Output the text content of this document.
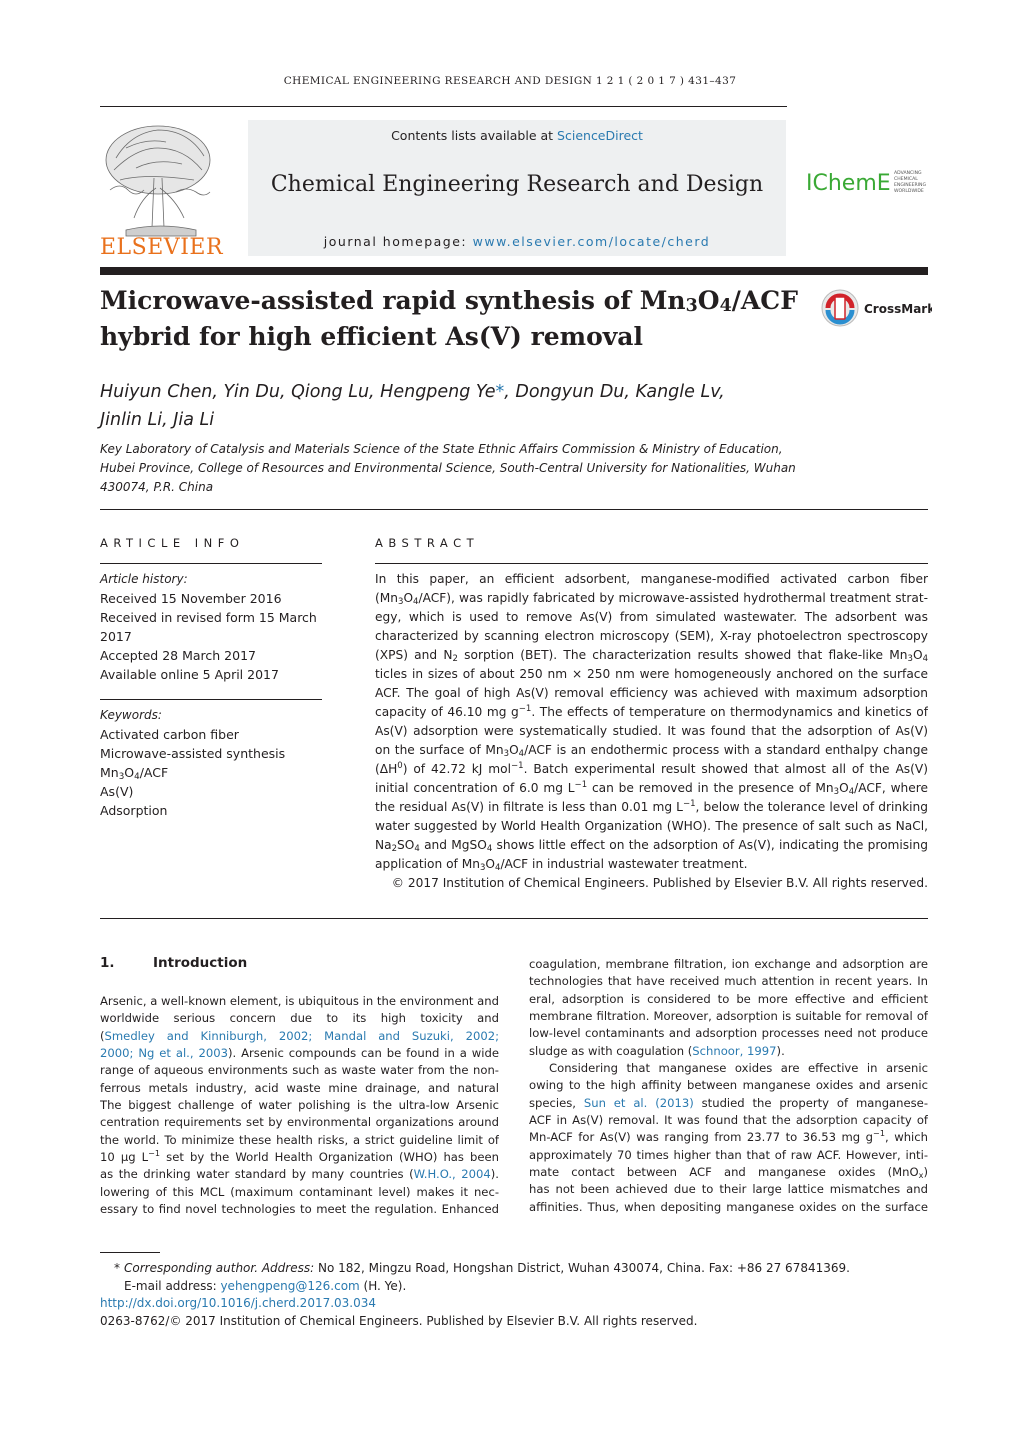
CHEMICAL ENGINEERING RESEARCH AND DESIGN 1 2 1 ( 2 0 1 7 ) 431–437
ELSEVIER
Contents lists available at ScienceDirect
Chemical Engineering Research and Design
journal homepage: www.elsevier.com/locate/cherd
IChemE ADVANCING
CHEMICAL
ENGINEERING
WORLDWIDE
Microwave-assisted rapid synthesis of $Mn_3O_4$/ACF
hybrid for high efficient As(V) removal
CrossMark
Huiyun Chen, Yin Du, Qiong Lu, Hengpeng Ye*, Dongyun Du, Kangle Lv,
Jinlin Li, Jia Li
Key Laboratory of Catalysis and Materials Science of the State Ethnic Affairs Commission & Ministry of Education,
Hubei Province, College of Resources and Environmental Science, South-Central University for Nationalities, Wuhan
430074, P.R. China
ARTICLE INFO	ABSTRACT
Article history:
Received 15 November 2016
Received in revised form 15 March
2017
Accepted 28 March 2017
Available online 5 April 2017
Keywords:
Activated carbon fiber
Microwave-assisted synthesis
$Mn_3O_4$/ACF
As(V)
Adsorption
In this paper, an efficient adsorbent, manganese-modified activated carbon fiber
$(Mn_3O_4/ACF)$, was rapidly fabricated by microwave-assisted hydrothermal treatment strat-
egy, which is used to remove As(V) from simulated wastewater. The adsorbent was
characterized by scanning electron microscopy (SEM), X-ray photoelectron spectroscopy
(XPS) and $N_2$ sorption (BET). The characterization results showed that flake-like $Mn_3O_4$
ticles in sizes of about 250 nm × 250 nm were homogeneously anchored on the surface
ACF. The goal of high As(V) removal efficiency was achieved with maximum adsorption
capacity of 46.10 mg $g^{-1}$. The effects of temperature on thermodynamics and kinetics of
As(V) adsorption were systematically studied. It was found that the adsorption of As(V)
on the surface of $Mn_3O_4$/ACF is an endothermic process with a standard enthalpy change
$(\Delta H^0)$ of 42.72 kJ mol$^{-1}$. Batch experimental result showed that almost all of the As(V)
initial concentration of 6.0 mg $L^{-1}$ can be removed in the presence of $Mn_3O_4$/ACF, where
the residual As(V) in filtrate is less than 0.01 mg $L^{-1}$, below the tolerance level of drinking
water suggested by World Health Organization (WHO). The presence of salt such as NaCl,
$Na_2SO_4$ and MgSO$_4$ shows little effect on the adsorption of As(V), indicating the promising
application of $Mn_3O_4$/ACF in industrial wastewater treatment.
© 2017 Institution of Chemical Engineers. Published by Elsevier B.V. All rights reserved.
1.	Introduction
Arsenic, a well-known element, is ubiquitous in the environment and
worldwide serious concern due to its high toxicity and
(Smedley and Kinniburgh, 2002; Mandal and Suzuki, 2002;
2000; Ng et al., 2003). Arsenic compounds can be found in a wide
range of aqueous environments such as waste water from the non-
ferrous metals industry, acid waste mine drainage, and natural
The biggest challenge of water polishing is the ultra-low Arsenic
centration requirements set by environmental organizations around
the world. To minimize these health risks, a strict guideline limit of
10 μg $L^{-1}$ set by the World Health Organization (WHO) has been
as the drinking water standard by many countries (W.H.O., 2004).
lowering of this MCL (maximum contaminant level) makes it nec-
essary to find novel technologies to meet the regulation. Enhanced
coagulation, membrane filtration, ion exchange and adsorption are
technologies that have received much attention in recent years. In
eral, adsorption is considered to be more effective and efficient
membrane filtration. Moreover, adsorption is suitable for removal of
low-level contaminants and adsorption processes need not produce
sludge as with coagulation (Schnoor, 1997).
Considering that manganese oxides are effective in arsenic
owing to the high affinity between manganese oxides and arsenic
species, Sun et al. (2013) studied the property of manganese-
ACF in As(V) removal. It was found that the adsorption capacity of
Mn-ACF for As(V) was ranging from 23.77 to 36.53 mg $g^{-1}$, which
approximately 70 times higher than that of raw ACF. However, inti-
mate contact between ACF and manganese oxides (MnO$_x$)
has not been achieved due to their large lattice mismatches and
affinities. Thus, when depositing manganese oxides on the surface
* Corresponding author. Address: No 182, Mingzu Road, Hongshan District, Wuhan 430074, China. Fax: +86 27 67841369.
E-mail address: yehengpeng@126.com (H. Ye).
http://dx.doi.org/10.1016/j.cherd.2017.03.034
0263-8762/© 2017 Institution of Chemical Engineers. Published by Elsevier B.V. All rights reserved.
